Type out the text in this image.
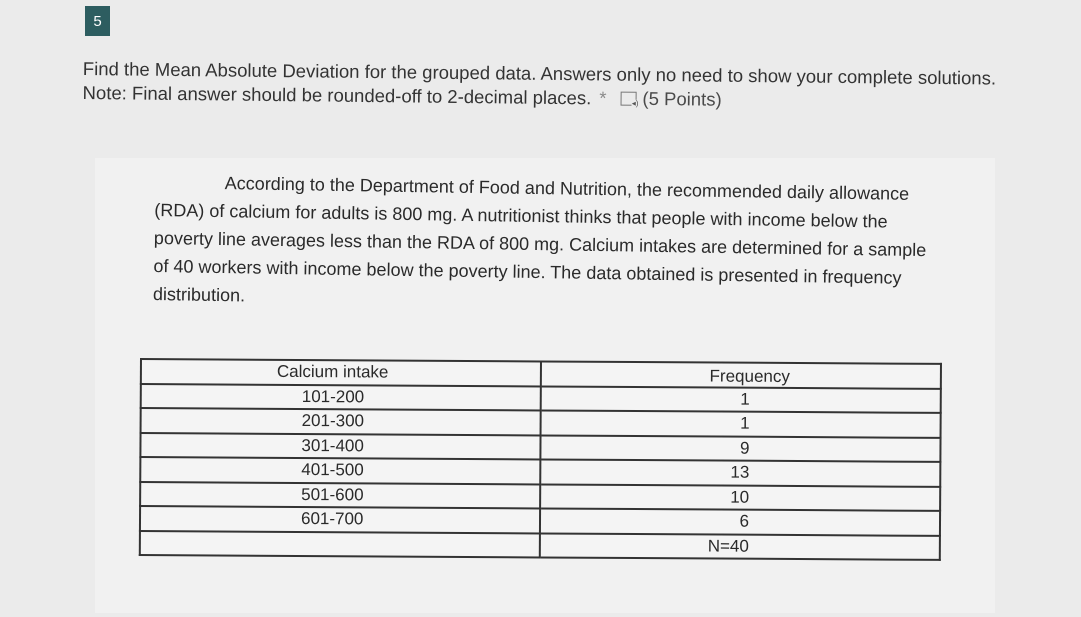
5
Find the Mean Absolute Deviation for the grouped data. Answers only no need to show your complete solutions. Note: Final answer should be rounded-off to 2-decimal places. *	◂) (5 Points)
According to the Department of Food and Nutrition, the recommended daily allowance (RDA) of calcium for adults is 800 mg. A nutritionist thinks that people with income below the poverty line averages less than the RDA of 800 mg. Calcium intakes are determined for a sample of 40 workers with income below the poverty line. The data obtained is presented in frequency distribution.
Calcium intake	Frequency
101-200	1
201-300	1
301-400	9
401-500	13
501-600	10
601-700	6
	N=40
